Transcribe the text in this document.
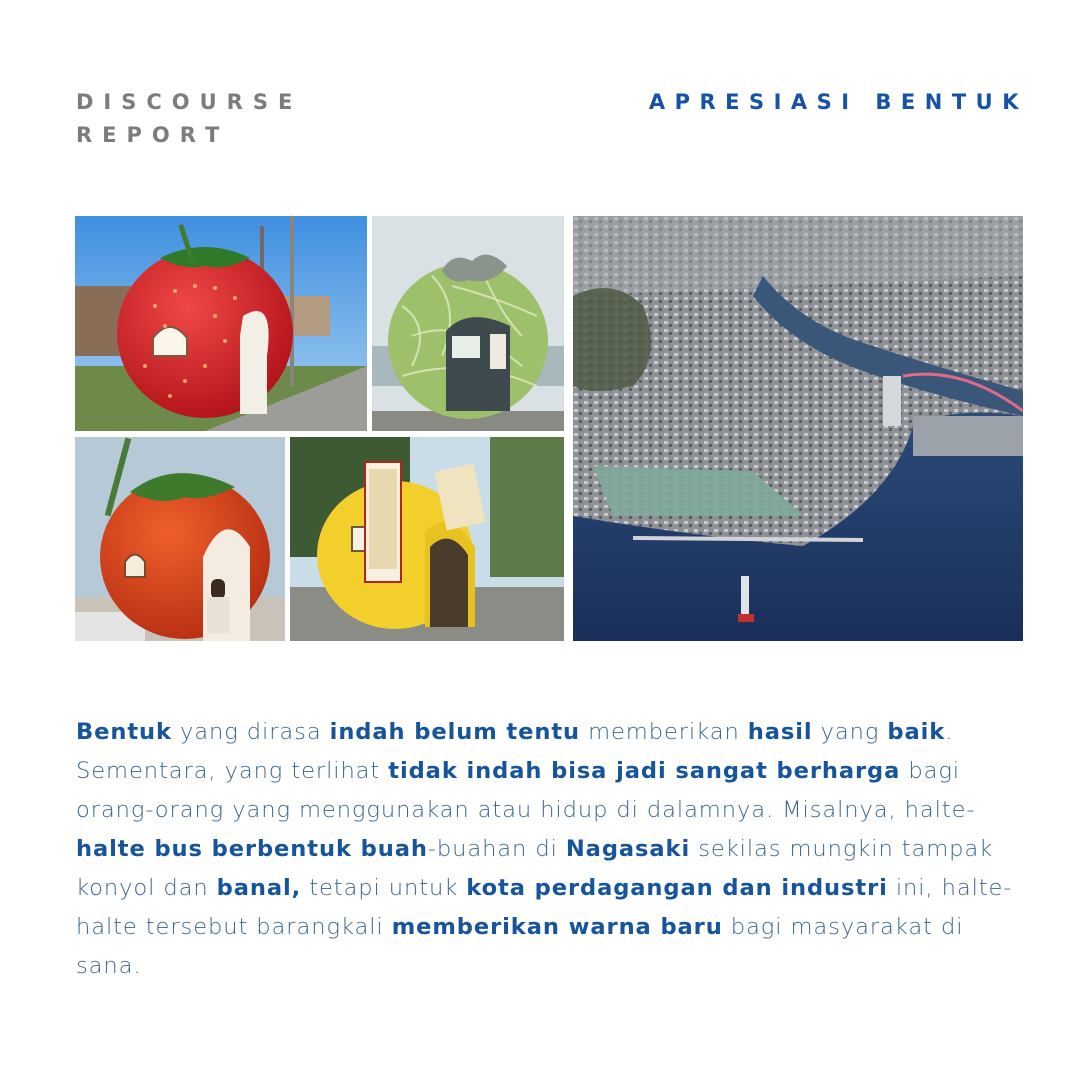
DISCOURSE
REPORT
APRESIASI BENTUK

Bentuk yang dirasa indah belum tentu memberikan hasil yang baik. Sementara, yang terlihat tidak indah bisa jadi sangat berharga bagi orang-orang yang menggunakan atau hidup di dalamnya. Misalnya, halte-halte bus berbentuk buah-buahan di Nagasaki sekilas mungkin tampak konyol dan banal, tetapi untuk kota perdagangan dan industri ini, halte-halte tersebut barangkali memberikan warna baru bagi masyarakat di sana.
